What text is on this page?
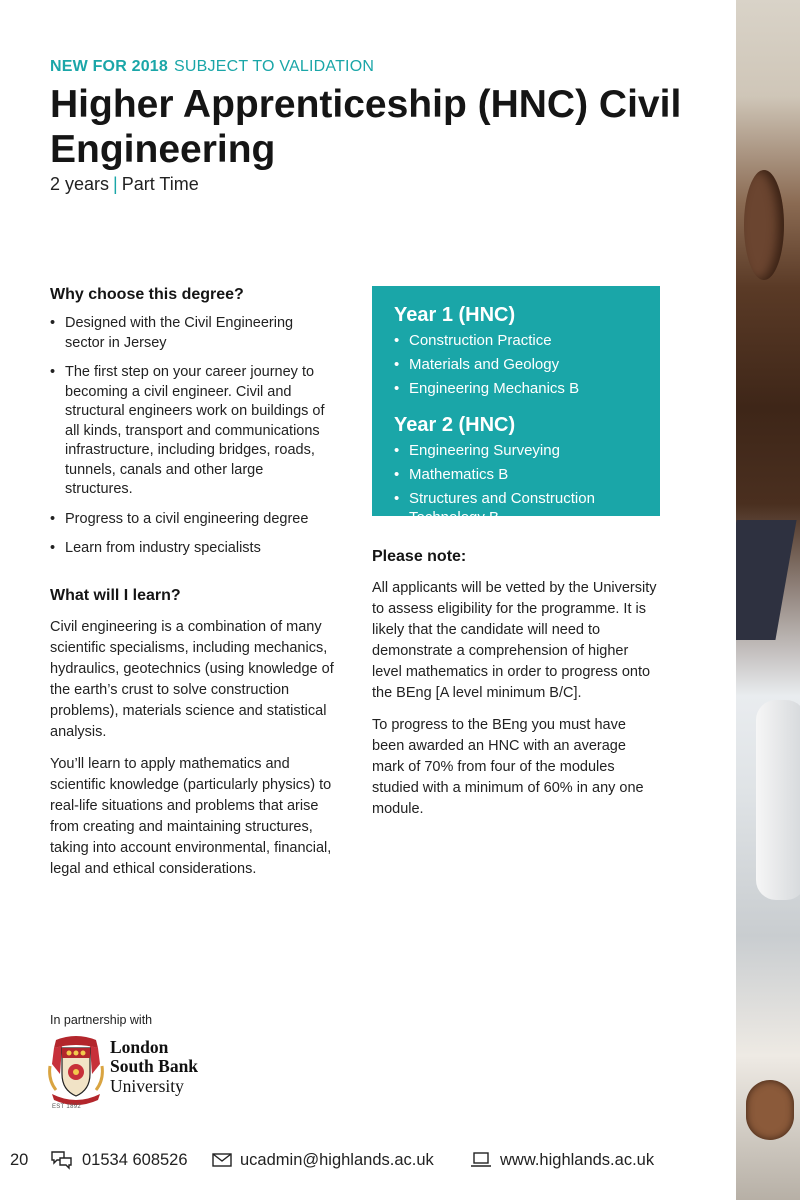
NEW FOR 2018 SUBJECT TO VALIDATION
Higher Apprenticeship (HNC) Civil Engineering
2 years | Part Time
Why choose this degree?
• Designed with the Civil Engineering sector in Jersey
• The first step on your career journey to becoming a civil engineer. Civil and structural engineers work on buildings of all kinds, transport and communications infrastructure, including bridges, roads, tunnels, canals and other large structures.
• Progress to a civil engineering degree
• Learn from industry specialists
What will I learn?

Civil engineering is a combination of many scientific specialisms, including mechanics, hydraulics, geotechnics (using knowledge of the earth’s crust to solve construction problems), materials science and statistical analysis.

You’ll learn to apply mathematics and scientific knowledge (particularly physics) to real-life situations and problems that arise from creating and maintaining structures, taking into account environmental, financial, legal and ethical considerations.

Year 1 (HNC)
• Construction Practice
• Materials and Geology
• Engineering Mechanics B
Year 2 (HNC)
• Engineering Surveying
• Mathematics B
• Structures and Construction Technology B
Please note:

All applicants will be vetted by the University to assess eligibility for the programme. It is likely that the candidate will need to demonstrate a comprehension of higher level mathematics in order to progress onto the BEng [A level minimum B/C].

To progress to the BEng you must have been awarded an HNC with an average mark of 70% from four of the modules studied with a minimum of 60% in any one module.

In partnership with
London
South Bank
University
EST 1892
20	01534 608526	ucadmin@highlands.ac.uk	www.highlands.ac.uk
